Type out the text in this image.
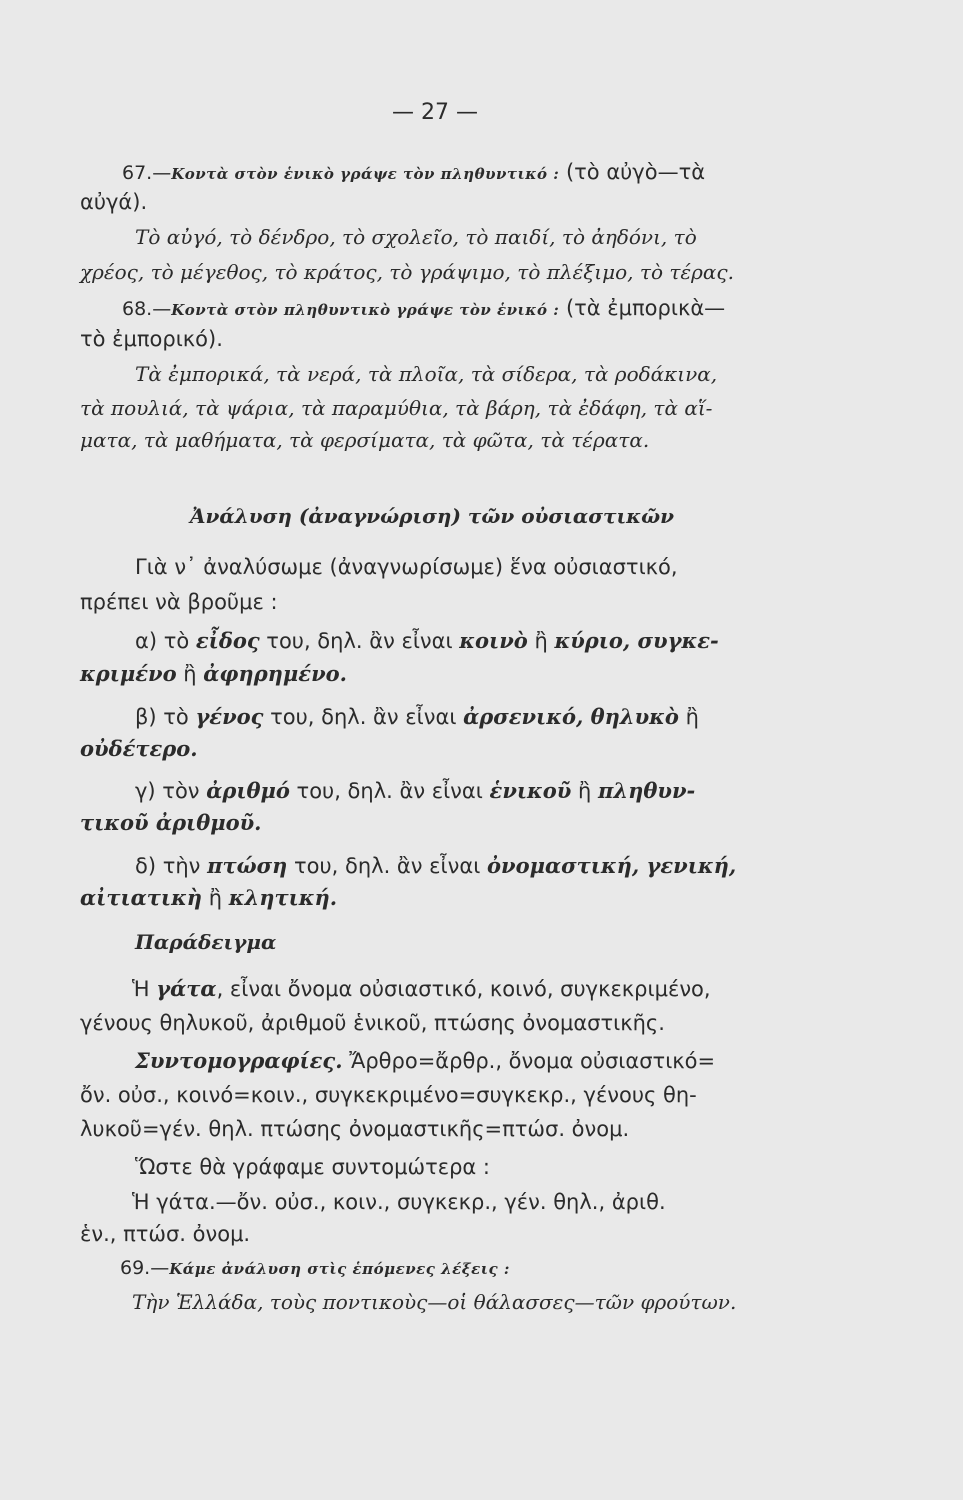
— 27 —
67.—Κοντὰ στὸν ἑνικὸ γράψε τὸν πληθυντικό : (τὸ αὐγὸ—τὰ
αὐγά).
Τὸ αὐγό, τὸ δένδρο, τὸ σχολεῖο, τὸ παιδί, τὸ ἀηδόνι, τὸ
χρέος, τὸ μέγεθος, τὸ κράτος, τὸ γράψιμο, τὸ πλέξιμο, τὸ τέρας.
68.—Κοντὰ στὸν πληθυντικὸ γράψε τὸν ἑνικό : (τὰ ἐμπορικὰ—
τὸ ἐμπορικό).
Τὰ ἐμπορικά, τὰ νερά, τὰ πλοῖα, τὰ σίδερα, τὰ ροδάκινα,
τὰ πουλιά, τὰ ψάρια, τὰ παραμύθια, τὰ βάρη, τὰ ἐδάφη, τὰ αἵ-
ματα, τὰ μαθήματα, τὰ φερσίματα, τὰ φῶτα, τὰ τέρατα.
Ἀνάλυση (ἀναγνώριση) τῶν οὐσιαστικῶν
Γιὰ ν᾿ ἀναλύσωμε (ἀναγνωρίσωμε) ἕνα οὐσιαστικό,
πρέπει νὰ βροῦμε :
α) τὸ εἶδος του, δηλ. ἂν εἶναι κοινὸ ἢ κύριο, συγκε-
κριμένο ἢ ἀφηρημένο.
β) τὸ γένος του, δηλ. ἂν εἶναι ἀρσενικό, θηλυκὸ ἢ
οὐδέτερο.
γ) τὸν ἀριθμό του, δηλ. ἂν εἶναι ἑνικοῦ ἢ πληθυν-
τικοῦ ἀριθμοῦ.
δ) τὴν πτώση του, δηλ. ἂν εἶναι ὀνομαστική, γενική,
αἰτιατικὴ ἢ κλητική.
Παράδειγμα
Ἡ γάτα, εἶναι ὄνομα οὐσιαστικό, κοινό, συγκεκριμένο,
γένους θηλυκοῦ, ἀριθμοῦ ἑνικοῦ, πτώσης ὀνομαστικῆς.
Συντομογραφίες. Ἄρθρο=ἄρθρ., ὄνομα οὐσιαστικό=
ὄν. οὐσ., κοινό=κοιν., συγκεκριμένο=συγκεκρ., γένους θη-
λυκοῦ=γέν. θηλ. πτώσης ὀνομαστικῆς=πτώσ. ὀνομ.
Ὥστε θὰ γράφαμε συντομώτερα :
Ἡ γάτα.—ὄν. οὐσ., κοιν., συγκεκρ., γέν. θηλ., ἀριθ.
ἑν., πτώσ. ὀνομ.
69.—Κάμε ἀνάλυση στὶς ἑπόμενες λέξεις :
Τὴν Ἑλλάδα, τοὺς ποντικοὺς—οἱ θάλασσες—τῶν φρούτων.
